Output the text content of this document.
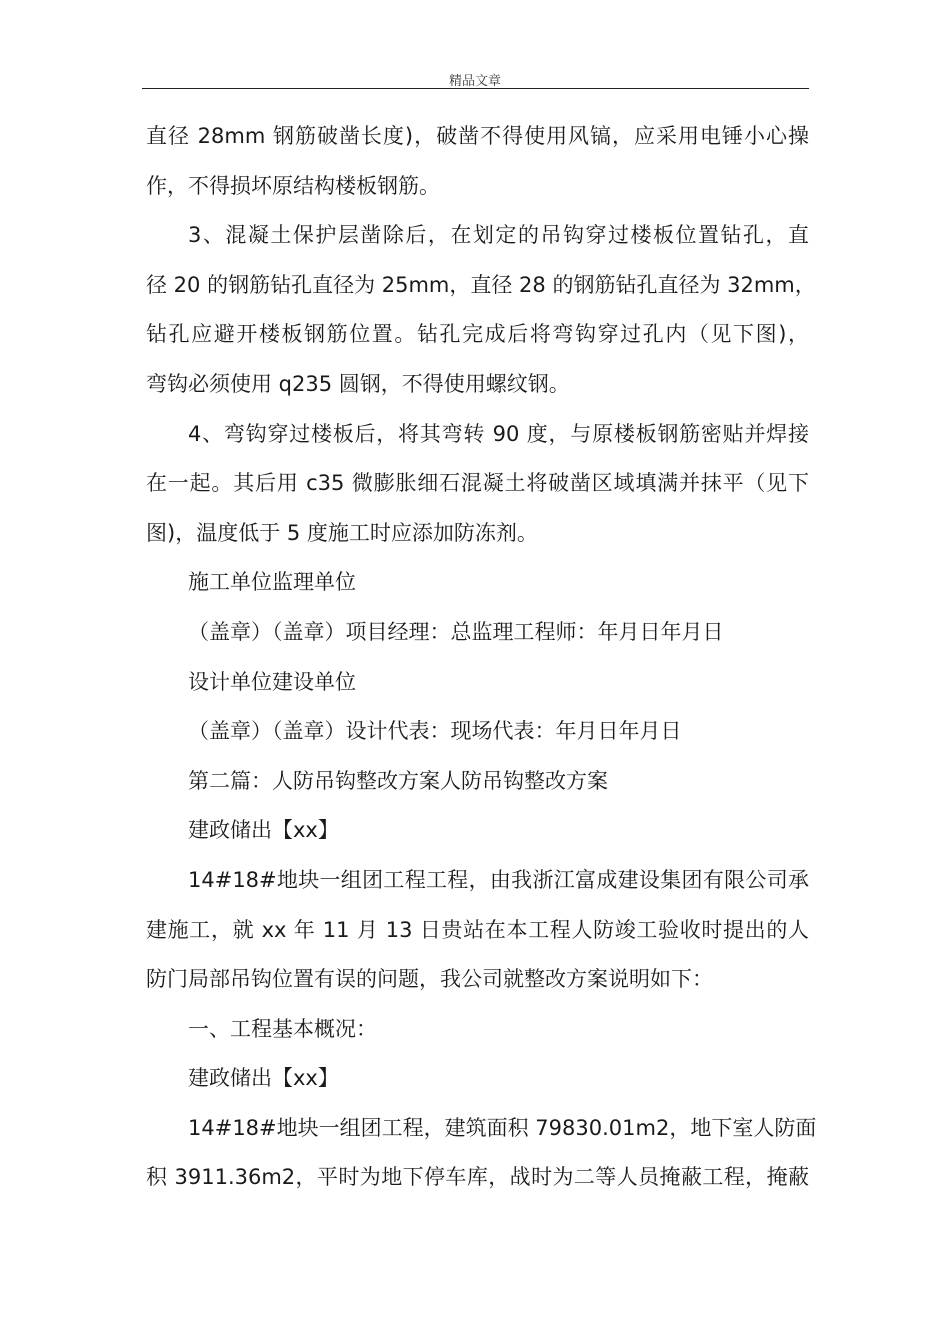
精品文章
直径 28mm 钢筋破凿长度)，破凿不得使用风镐，应采用电锤小心操
作，不得损坏原结构楼板钢筋。
3、混凝土保护层凿除后，在划定的吊钩穿过楼板位置钻孔，直
径 20 的钢筋钻孔直径为 25mm，直径 28 的钢筋钻孔直径为 32mm，
钻孔应避开楼板钢筋位置。钻孔完成后将弯钩穿过孔内（见下图)，
弯钩必须使用 q235 圆钢，不得使用螺纹钢。
4、弯钩穿过楼板后，将其弯转 90 度，与原楼板钢筋密贴并焊接
在一起。其后用 c35 微膨胀细石混凝土将破凿区域填满并抹平（见下
图)，温度低于 5 度施工时应添加防冻剂。
施工单位监理单位
（盖章）（盖章）项目经理：总监理工程师：年月日年月日
设计单位建设单位
（盖章）（盖章）设计代表：现场代表：年月日年月日
第二篇：人防吊钩整改方案人防吊钩整改方案
建政储出【xx】
14#18#地块一组团工程工程，由我浙江富成建设集团有限公司承
建施工，就 xx 年 11 月 13 日贵站在本工程人防竣工验收时提出的人
防门局部吊钩位置有误的问题，我公司就整改方案说明如下：
一、工程基本概况：
建政储出【xx】
14#18#地块一组团工程，建筑面积 79830.01m2，地下室人防面
积 3911.36m2，平时为地下停车库，战时为二等人员掩蔽工程，掩蔽
